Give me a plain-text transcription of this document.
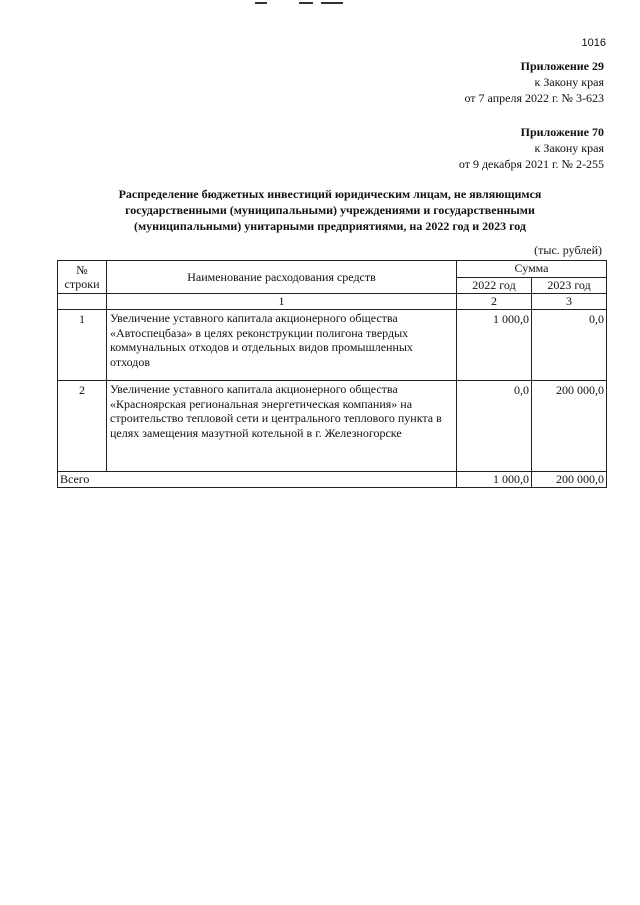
1016
Приложение 29
к Закону края
от 7 апреля 2022 г. № 3-623
Приложение 70
к Закону края
от 9 декабря 2021 г. № 2-255
Распределение бюджетных инвестиций юридическим лицам, не являющимся
государственными (муниципальными) учреждениями и государственными
(муниципальными) унитарными предприятиями, на 2022 год и 2023 год
(тыс. рублей)
№ строки	Наименование расходования средств	Сумма	
		2022 год	2023 год
	1	2	3
1	Увеличение уставного капитала акционерного общества «Автоспецбаза» в целях реконструкции полигона твердых коммунальных отходов и отдельных видов промышленных отходов	1 000,0	0,0
2	Увеличение уставного капитала акционерного общества «Красноярская региональная энергетическая компания» на строительство тепловой сети и центрального теплового пункта в целях замещения мазутной котельной в г. Железногорске	0,0	200 000,0
Всего		1 000,0	200 000,0
